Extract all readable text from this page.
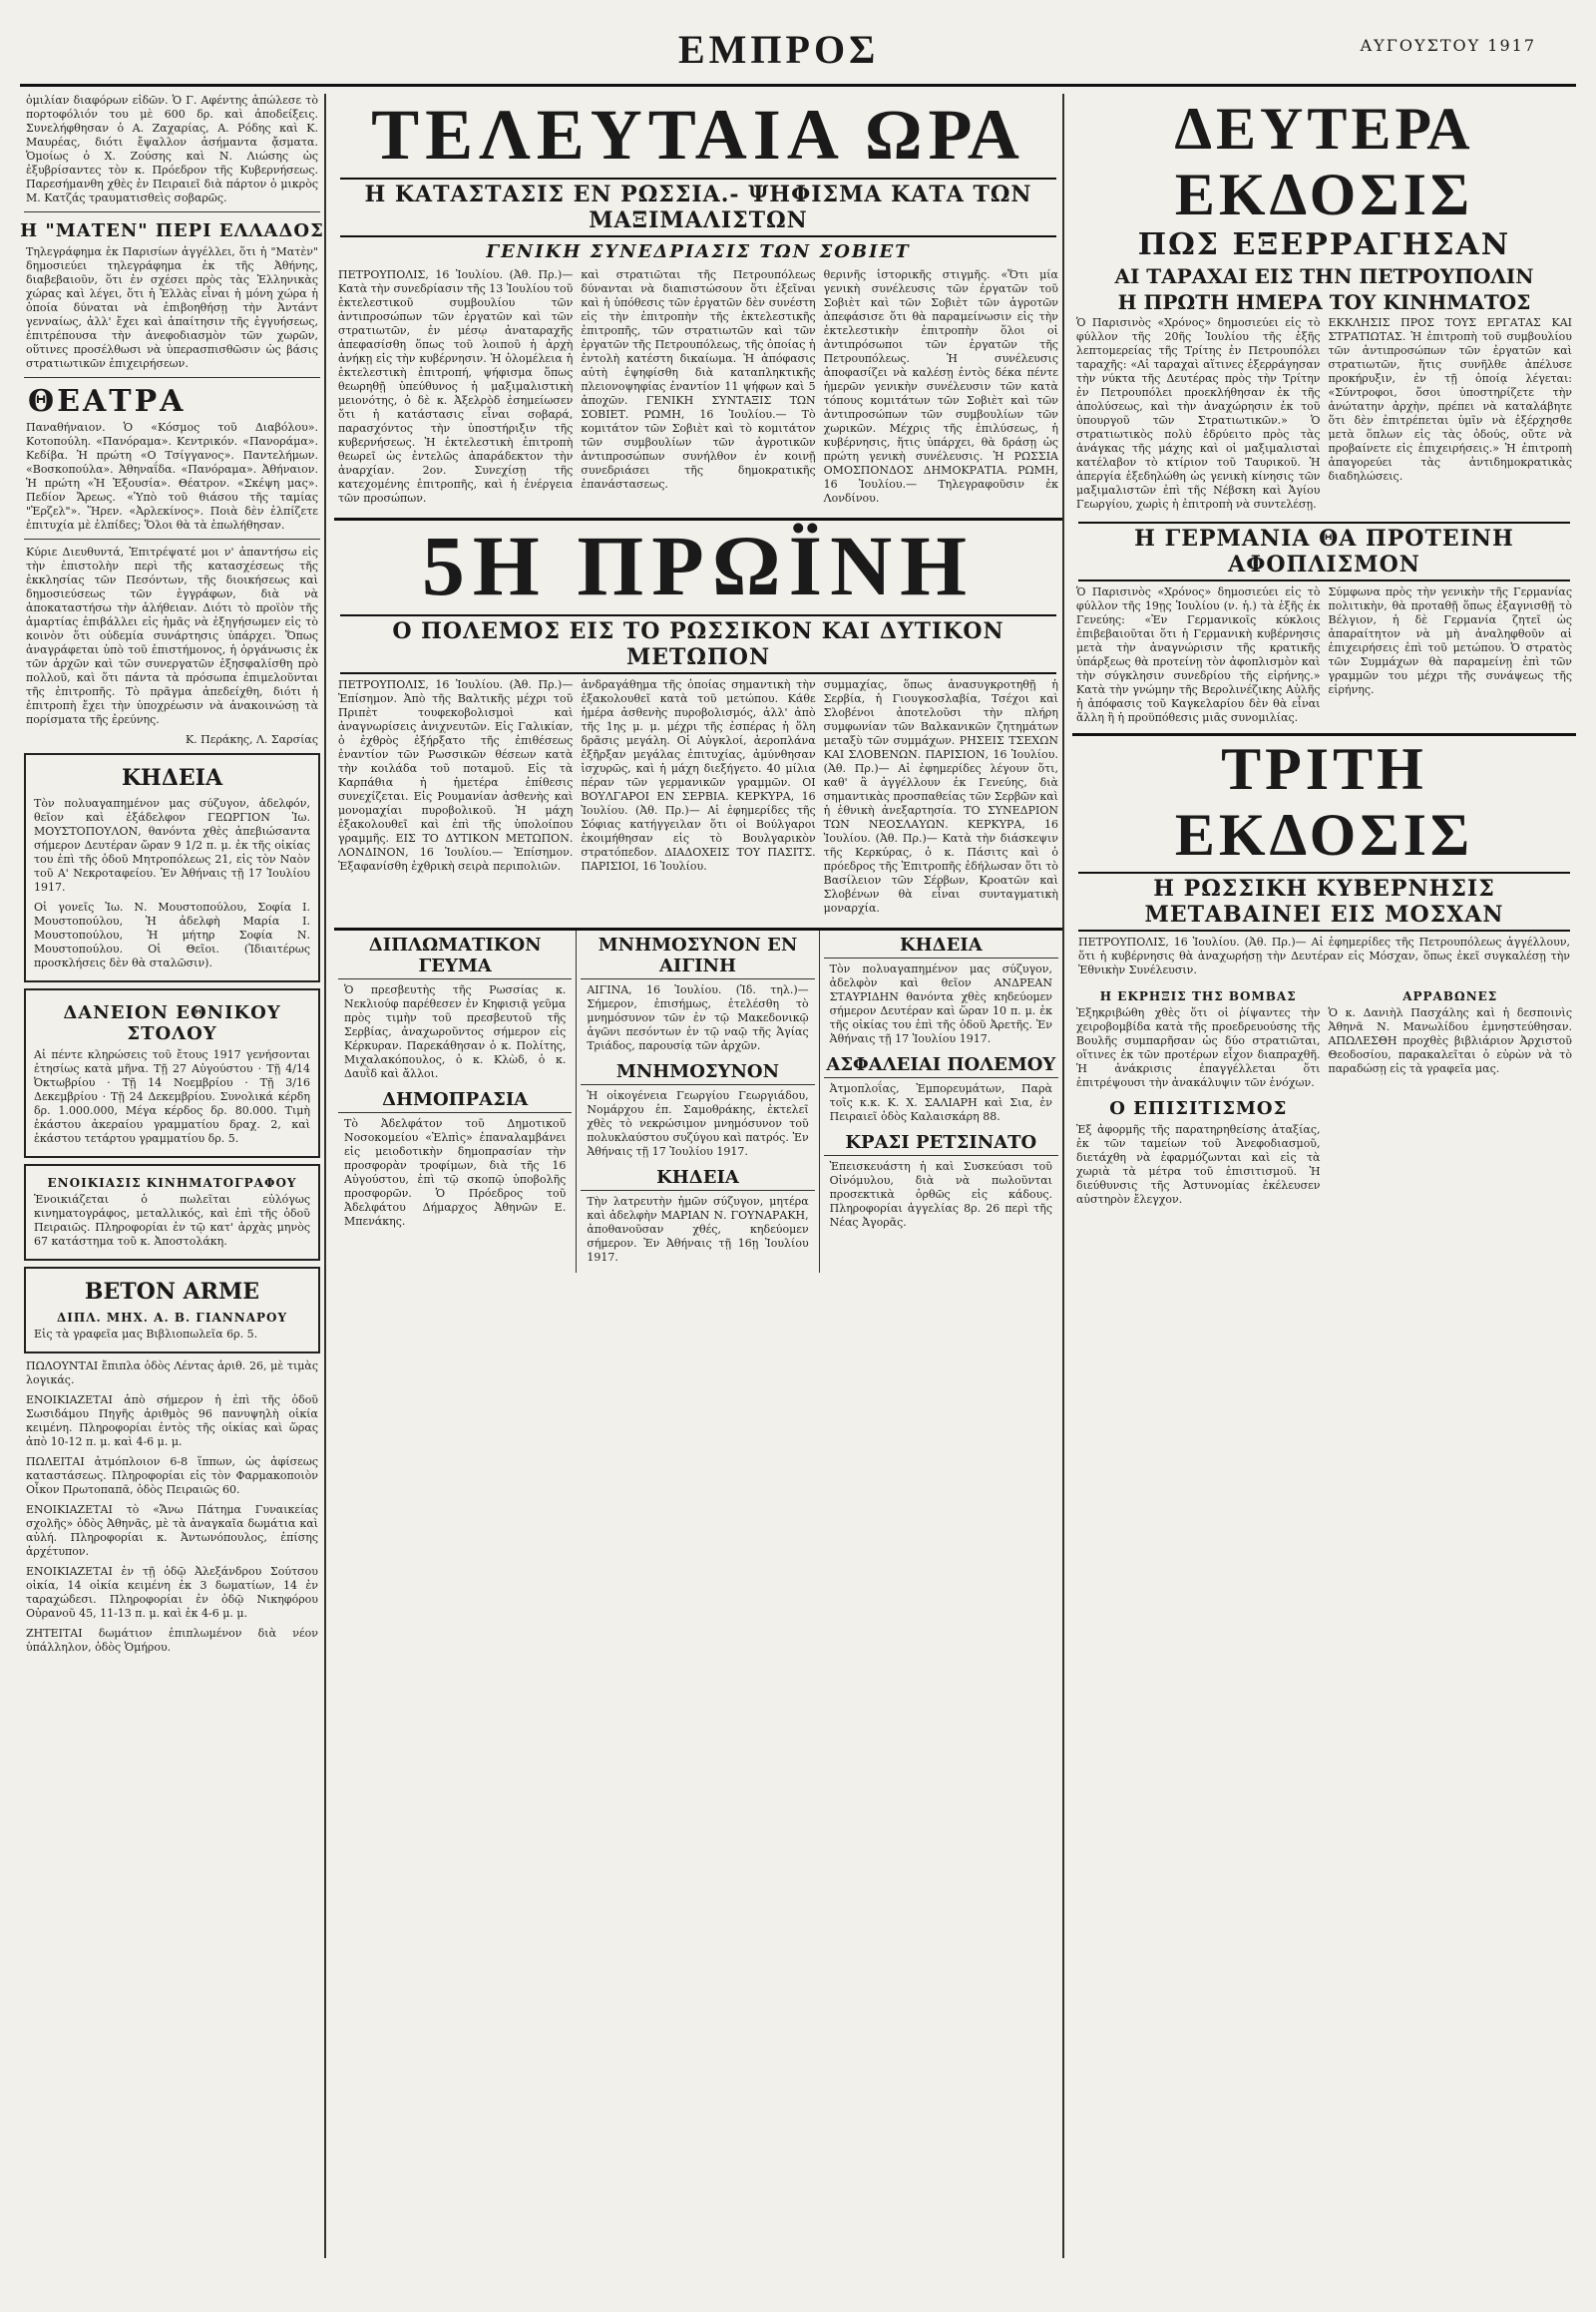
ΕΜΠΡΟΣ	ΑΥΓΟΥΣΤΟΥ 1917
ὁμιλίαν διαφόρων εἰδῶν. Ὁ Γ. Αφέντης ἀπώλεσε τὸ πορτοφόλιόν του μὲ 600 δρ. καὶ ἀποδείξεις. Συνελήφθησαν ὁ Α. Ζαχαρίας, Α. Ρόδης καὶ Κ. Μαυρέας, διότι ἔψαλλον ἀσήμαντα ᾄσματα. Ὁμοίως ὁ Χ. Ζούσης καὶ Ν. Λιώσης ὡς ἐξυβρίσαντες τὸν κ. Πρόεδρον τῆς Κυβερνήσεως. Παρεσήμανθη χθὲς ἐν Πειραιεῖ διὰ πάρτον ὁ μικρὸς Μ. Κατζάς τραυματισθεὶς σοβαρῶς.
Η "ΜΑΤΕΝ" ΠΕΡΙ ΕΛΛΑΔΟΣ
Τηλεγράφημα ἐκ Παρισίων ἀγγέλλει, ὅτι ἡ "Ματὲν" δημοσιεύει τηλεγράφημα ἐκ τῆς Ἀθήνης, διαβεβαιοῦν, ὅτι ἐν σχέσει πρὸς τὰς Ἑλληνικὰς χώρας καὶ λέγει, ὅτι ἡ Ἑλλὰς εἶναι ἡ μόνη χώρα ἡ ὁποία δύναται νὰ ἐπιβοηθήσῃ τὴν Ἀντάντ γενναίως, ἀλλ' ἔχει καὶ ἀπαίτησιν τῆς ἐγγυήσεως, ἐπιτρέπουσα τὴν ἀνεφοδιασμὸν τῶν χωρῶν, οὕτινες προσέλθωσι νὰ ὑπερασπισθῶσιν ὡς βάσις στρατιωτικῶν ἐπιχειρήσεων.
ΘΕΑΤΡΑ
Παναθήναιον. Ὁ «Κόσμος τοῦ Διαβόλου». Κοτοπούλη. «Πανόραμα». Κεντρικόν. «Πανοράμα». Κεδίβα. Ἡ πρώτη «Ο Τσίγγανος». Παντελήμων. «Βοσκοπούλα». Ἀθηναΐδα. «Πανόραμα». Ἀθήναιον. Ἡ πρώτη «Ἡ Ἑξουσία». Θέατρον. «Σκέψη μας». Πεδίον Ἄρεως. «Ὑπὸ τοῦ θιάσου τῆς ταμίας "Ἐρζελ"». Ἥρεν. «Ἀρλεκίνος». Ποιὰ δὲν ἐλπίζετε ἐπιτυχία μὲ ἐλπίδες; Ὅλοι θὰ τὰ ἐπωλήθησαν.
Κύριε Διευθυντά, Ἐπιτρέψατέ μοι ν' ἀπαντήσω εἰς τὴν ἐπιστολὴν περὶ τῆς κατασχέσεως τῆς ἐκκλησίας τῶν Πεσόντων, τῆς διοικήσεως καὶ δημοσιεύσεως τῶν ἐγγράφων, διὰ νὰ ἀποκαταστήσω τὴν ἀλήθειαν. Διότι τὸ προϊὸν τῆς ἀμαρτίας ἐπιβάλλει εἰς ἡμᾶς νὰ ἐξηγήσωμεν εἰς τὸ κοινὸν ὅτι οὐδεμία συνάρτησις ὑπάρχει. Ὅπως ἀναγράφεται ὑπὸ τοῦ ἐπιστήμονος, ἡ ὀργάνωσις ἐκ τῶν ἀρχῶν καὶ τῶν συνεργατῶν ἐξησφαλίσθη πρὸ πολλοῦ, καὶ ὅτι πάντα τὰ πρόσωπα ἐπιμελοῦνται τῆς ἐπιτροπῆς. Τὸ πρᾶγμα ἀπεδείχθη, διότι ἡ ἐπιτροπὴ ἔχει τὴν ὑποχρέωσιν νὰ ἀνακοινώσῃ τὰ πορίσματα τῆς ἐρεύνης.
Κ. Περάκης, Λ. Σαρσίας
ΚΗΔΕΙΑ
Τὸν πολυαγαπημένον μας σύζυγον, ἀδελφόν, θεῖον καὶ ἐξάδελφον ΓΕΩΡΓΙΟΝ Ἰω. ΜΟΥΣΤΟΠΟΥΛΟΝ, θανόντα χθὲς ἀπεβιώσαντα σήμερον Δευτέραν ὥραν 9 1/2 π. μ. ἐκ τῆς οἰκίας του ἐπὶ τῆς ὁδοῦ Μητροπόλεως 21, εἰς τὸν Ναὸν τοῦ Α' Νεκροταφείου. Ἐν Ἀθήναις τῇ 17 Ἰουλίου 1917.
Οἱ γονεῖς Ἰω. Ν. Μουστοπούλου, Σοφία Ι. Μουστοπούλου, Ἡ ἀδελφὴ Μαρία Ι. Μουστοπούλου, Ἡ μήτηρ Σοφία Ν. Μουστοπούλου. Οἱ Θεῖοι. (Ἰδιαιτέρως προσκλήσεις δὲν θὰ σταλῶσιν).
ΔΑΝΕΙΟΝ ΕΘΝΙΚΟΥ ΣΤΟΛΟΥ
Αἱ πέντε κληρώσεις τοῦ ἔτους 1917 γενήσονται ἐτησίως κατὰ μῆνα. Τῇ 27 Αὐγούστου · Τῇ 4/14 Ὀκτωβρίου · Τῇ 14 Νοεμβρίου · Τῇ 3/16 Δεκεμβρίου · Τῇ 24 Δεκεμβρίου. Συνολικά κέρδη δρ. 1.000.000, Μέγα κέρδος δρ. 80.000. Τιμὴ ἑκάστου ἀκεραίου γραμματίου δραχ. 2, καὶ ἑκάστου τετάρτου γραμματίου δρ. 5.
ΕΝΟΙΚΙΑΣΙΣ ΚΙΝΗΜΑΤΟΓΡΑΦΟΥ
Ἐνοικιάζεται ὁ πωλεῖται εὐλόγως κινηματογράφος, μεταλλικός, καὶ ἐπὶ τῆς ὁδοῦ Πειραιῶς. Πληροφορίαι ἐν τῷ κατ' ἀρχὰς μηνὸς 67 κατάστημα τοῦ κ. Ἀποστολάκη.
ΒΕΤΟΝ ARME
ΔΙΠΛ. ΜΗΧ. Α. Β. ΓΙΑΝΝΑΡΟΥ
Εἰς τὰ γραφεῖα μας Βιβλιοπωλεῖα 6ρ. 5.
ΠΩΛΟΥΝΤΑΙ ἔπιπλα ὁδὸς Λέντας ἀριθ. 26, μὲ τιμὰς λογικάς.
ΕΝΟΙΚΙΑΖΕΤΑΙ ἀπὸ σήμερον ἡ ἐπὶ τῆς ὁδοῦ Σωσιδάμου Πηγῆς ἀριθμὸς 96 πανυψηλὴ οἰκία κειμένη. Πληροφορίαι ἐντὸς τῆς οἰκίας καὶ ὥρας ἀπὸ 10-12 π. μ. καὶ 4-6 μ. μ.
ΠΩΛΕΙΤΑΙ ἀτμόπλοιον 6-8 ἵππων, ὡς ἀφίσεως καταστάσεως. Πληροφορίαι εἰς τὸν Φαρμακοποιὸν Οἶκον Πρωτοπαπᾶ, ὁδὸς Πειραιῶς 60.
ΕΝΟΙΚΙΑΖΕΤΑΙ τὸ «Ἄνω Πάτημα Γυναικείας σχολῆς» ὁδὸς Ἀθηνᾶς, μὲ τὰ ἀναγκαῖα δωμάτια καὶ αὐλή. Πληροφορίαι κ. Ἀντωνόπουλος, ἐπίσης ἀρχέτυπον.
ΕΝΟΙΚΙΑΖΕΤΑΙ ἐν τῇ ὁδῷ Ἀλεξάνδρου Σούτσου οἰκία, 14 οἰκία κειμένη ἐκ 3 δωματίων, 14 ἐν ταραχώδεσι. Πληροφορίαι ἐν ὁδῷ Νικηφόρου Οὐρανοῦ 45, 11-13 π. μ. καὶ ἐκ 4-6 μ. μ.
ΖΗΤΕΙΤΑΙ δωμάτιον ἐπιπλωμένον διὰ νέον ὑπάλληλον, ὁδὸς Ὁμήρου.
ΤΕΛΕΥΤΑΙΑ ΩΡΑ
Η ΚΑΤΑΣΤΑΣΙΣ ΕΝ ΡΩΣΣΙΑ.- ΨΗΦΙΣΜΑ ΚΑΤΑ ΤΩΝ ΜΑΞΙΜΑΛΙΣΤΩΝ
ΓΕΝΙΚΗ ΣΥΝΕΔΡΙΑΣΙΣ ΤΩΝ ΣΟΒΙΕΤ
ΠΕΤΡΟΥΠΟΛΙΣ, 16 Ἰουλίου. (Ἀθ. Πρ.)— Κατὰ τὴν συνεδρίασιν τῆς 13 Ἰουλίου τοῦ ἐκτελεστικοῦ συμβουλίου τῶν ἀντιπροσώπων τῶν ἐργατῶν καὶ τῶν στρατιωτῶν, ἐν μέσῳ ἀναταραχῆς ἀπεφασίσθη ὅπως τοῦ λοιποῦ ἡ ἀρχὴ ἀνήκῃ εἰς τὴν κυβέρνησιν. Ἡ ὁλομέλεια ἡ ἐκτελεστικὴ ἐπιτροπή, ψήφισμα ὅπως θεωρηθῇ ὑπεύθυνος ἡ μαξιμαλιστικὴ μειονότης, ὁ δὲ κ. Ἀξελρὸδ ἐσημείωσεν ὅτι ἡ κατάστασις εἶναι σοβαρά, παρασχόντος τὴν ὑποστήριξιν τῆς κυβερνήσεως. Ἡ ἐκτελεστικὴ ἐπιτροπὴ θεωρεῖ ὡς ἐντελῶς ἀπαράδεκτον τὴν ἀναρχίαν. 2ον. Συνεχίσῃ τῆς κατεχομένης ἐπιτροπῆς, καὶ ἡ ἐνέργεια τῶν προσώπων.
καὶ στρατιῶται τῆς Πετρουπόλεως δύνανται νὰ διαπιστώσουν ὅτι ἐξεῖναι καὶ ἡ ὑπόθεσις τῶν ἐργατῶν δὲν συνέστη εἰς τὴν ἐπιτροπὴν τῆς ἐκτελεστικῆς ἐπιτροπῆς, τῶν στρατιωτῶν καὶ τῶν ἐργατῶν τῆς Πετρουπόλεως, τῆς ὁποίας ἡ ἐντολὴ κατέστη δικαίωμα. Ἡ ἀπόφασις αὐτὴ ἐψηφίσθη διὰ καταπληκτικῆς πλειονοψηφίας ἐναντίον 11 ψήφων καὶ 5 ἀποχῶν. ΓΕΝΙΚΗ ΣΥΝΤΑΞΙΣ ΤΩΝ ΣΟΒΙΕΤ. ΡΩΜΗ, 16 Ἰουλίου.— Τὸ κομιτάτον τῶν Σοβιὲτ καὶ τὸ κομιτάτον τῶν συμβουλίων τῶν ἀγροτικῶν ἀντιπροσώπων συνήλθον ἐν κοινῇ συνεδριάσει τῆς δημοκρατικῆς ἐπανάστασεως.
θερινῆς ἱστορικῆς στιγμῆς. «Ὅτι μία γενικὴ συνέλευσις τῶν ἐργατῶν τοῦ Σοβιὲτ καὶ τῶν Σοβιὲτ τῶν ἀγροτῶν ἀπεφάσισε ὅτι θὰ παραμείνωσιν εἰς τὴν ἐκτελεστικὴν ἐπιτροπὴν ὅλοι οἱ ἀντιπρόσωποι τῶν ἐργατῶν τῆς Πετρουπόλεως. Ἡ συνέλευσις ἀποφασίζει νὰ καλέσῃ ἐντὸς δέκα πέντε ἡμερῶν γενικὴν συνέλευσιν τῶν κατὰ τόπους κομιτάτων τῶν Σοβιὲτ καὶ τῶν ἀντιπροσώπων τῶν συμβουλίων τῶν χωρικῶν. Μέχρις τῆς ἐπιλύσεως, ἡ κυβέρνησις, ἥτις ὑπάρχει, θὰ δράσῃ ὡς πρώτη γενικὴ συνέλευσις. Ἡ ΡΩΣΣΙΑ ΟΜΟΣΠΟΝΔΟΣ ΔΗΜΟΚΡΑΤΙΑ. ΡΩΜΗ, 16 Ἰουλίου.— Τηλεγραφοῦσιν ἐκ Λονδίνου.
5Η ΠΡΩΪΝΗ
Ο ΠΟΛΕΜΟΣ ΕΙΣ ΤΟ ΡΩΣΣΙΚΟΝ ΚΑΙ ΔΥΤΙΚΟΝ ΜΕΤΩΠΟΝ
ΠΕΤΡΟΥΠΟΛΙΣ, 16 Ἰουλίου. (Ἀθ. Πρ.)— Ἐπίσημον. Ἀπὸ τῆς Βαλτικῆς μέχρι τοῦ Πριπὲτ τουφεκοβολισμοὶ καὶ ἀναγνωρίσεις ἀνιχνευτῶν. Εἰς Γαλικίαν, ὁ ἐχθρὸς ἐξήρξατο τῆς ἐπιθέσεως ἐναντίον τῶν Ρωσσικῶν θέσεων κατὰ τὴν κοιλάδα τοῦ ποταμοῦ. Εἰς τὰ Καρπάθια ἡ ἡμετέρα ἐπίθεσις συνεχίζεται. Εἰς Ρουμανίαν ἀσθενὴς καὶ μονομαχίαι πυροβολικοῦ. Ἡ μάχη ἐξακολουθεῖ καὶ ἐπὶ τῆς ὑπολοίπου γραμμῆς. ΕΙΣ ΤΟ ΔΥΤΙΚΟΝ ΜΕΤΩΠΟΝ. ΛΟΝΔΙΝΟΝ, 16 Ἰουλίου.— Ἐπίσημον. Ἐξαφανίσθη ἐχθρικὴ σειρὰ περιπολιῶν.
ἀνδραγάθημα τῆς ὁποίας σημαντικὴ τὴν ἐξακολουθεῖ κατὰ τοῦ μετώπου. Κάθε ἡμέρα ἀσθενὴς πυροβολισμός, ἀλλ' ἀπὸ τῆς 1ης μ. μ. μέχρι τῆς ἐσπέρας ἡ ὅλη δρᾶσις μεγάλη. Οἱ Αὐγκλοί, ἀεροπλάνα ἐξῆρξαν μεγάλας ἐπιτυχίας, ἀμύνθησαν ἰσχυρῶς, καὶ ἡ μάχη διεξήγετο. 40 μίλια πέραν τῶν γερμανικῶν γραμμῶν. ΟΙ ΒΟΥΛΓΑΡΟΙ ΕΝ ΣΕΡΒΙΑ. ΚΕΡΚΥΡΑ, 16 Ἰουλίου. (Ἀθ. Πρ.)— Αἱ ἐφημερίδες τῆς Σόφιας κατήγγειλαν ὅτι οἱ Βούλγαροι ἐκοιμήθησαν εἰς τὸ Βουλγαρικὸν στρατόπεδον. ΔΙΑΔΟΧΕΙΣ ΤΟΥ ΠΑΣΙΤΣ. ΠΑΡΙΣΙΟΙ, 16 Ἰουλίου.
συμμαχίας, ὅπως ἀνασυγκροτηθῇ ἡ Σερβία, ἡ Γιουγκοσλαβία, Τσέχοι καὶ Σλοβένοι ἀποτελοῦσι τὴν πλήρη συμφωνίαν τῶν Βαλκανικῶν ζητημάτων μεταξὺ τῶν συμμάχων. ΡΗΣΕΙΣ ΤΣΕΧΩΝ ΚΑΙ ΣΛΟΒΕΝΩΝ. ΠΑΡΙΣΙΟΝ, 16 Ἰουλίου. (Ἀθ. Πρ.)— Αἱ ἐφημερίδες λέγουν ὅτι, καθ' ἃ ἀγγέλλουν ἐκ Γενεύης, διὰ σημαντικὰς προσπαθείας τῶν Σερβῶν καὶ ἡ ἐθνικὴ ἀνεξαρτησία. ΤΟ ΣΥΝΕΔΡΙΟΝ ΤΩΝ ΝΕΟΣΛΑΥΩΝ. ΚΕΡΚΥΡΑ, 16 Ἰουλίου. (Ἀθ. Πρ.)— Κατὰ τὴν διάσκεψιν τῆς Κερκύρας, ὁ κ. Πάσιτς καὶ ὁ πρόεδρος τῆς Ἐπιτροπῆς ἐδήλωσαν ὅτι τὸ Βασίλειον τῶν Σέρβων, Κροατῶν καὶ Σλοβένων θὰ εἶναι συνταγματικὴ μοναρχία.
ΔΙΠΛΩΜΑΤΙΚΟΝ ΓΕΥΜΑ
Ὁ πρεσβευτὴς τῆς Ρωσσίας κ. Νεκλιούφ παρέθεσεν ἐν Κηφισιᾷ γεῦμα πρὸς τιμὴν τοῦ πρεσβευτοῦ τῆς Σερβίας, ἀναχωροῦντος σήμερον εἰς Κέρκυραν. Παρεκάθησαν ὁ κ. Πολίτης, Μιχαλακόπουλος, ὁ κ. Κλὼδ, ὁ κ. Δαυῒδ καὶ ἄλλοι.
ΔΗΜΟΠΡΑΣΙΑ
Τὸ Ἀδελφάτον τοῦ Δημοτικοῦ Νοσοκομείου «Ἐλπὶς» ἐπαναλαμβάνει εἰς μειοδοτικὴν δημοπρασίαν τὴν προσφορὰν τροφίμων, διὰ τῆς 16 Αὐγούστου, ἐπὶ τῷ σκοπῷ ὑποβολῆς προσφορῶν. Ὁ Πρόεδρος τοῦ Ἀδελφάτου Δήμαρχος Ἀθηνῶν Ε. Μπενάκης.
ΜΝΗΜΟΣΥΝΟΝ ΕΝ ΑΙΓΙΝΗ
ΑΙΓΙΝΑ, 16 Ἰουλίου. (Ἰδ. τηλ.)— Σήμερον, ἐπισήμως, ἐτελέσθη τὸ μνημόσυνον τῶν ἐν τῷ Μακεδονικῷ ἀγῶνι πεσόντων ἐν τῷ ναῷ τῆς Ἁγίας Τριάδος, παρουσίᾳ τῶν ἀρχῶν.
ΜΝΗΜΟΣΥΝΟΝ
Ἡ οἰκογένεια Γεωργίου Γεωργιάδου, Νομάρχου ἐπ. Σαμοθράκης, ἐκτελεῖ χθὲς τὸ νεκρώσιμον μνημόσυνον τοῦ πολυκλαύστου συζύγου καὶ πατρός. Ἐν Ἀθήναις τῇ 17 Ἰουλίου 1917.
ΚΗΔΕΙΑ
Τὴν λατρευτὴν ἡμῶν σύζυγον, μητέρα καὶ ἀδελφὴν ΜΑΡΙΑΝ Ν. ΓΟΥΝΑΡΑΚΗ, ἀποθανοῦσαν χθές, κηδεύομεν σήμερον. Ἐν Ἀθήναις τῇ 16ῃ Ἰουλίου 1917.
ΚΗΔΕΙΑ
Τὸν πολυαγαπημένον μας σύζυγον, ἀδελφὸν καὶ θεῖον ΑΝΔΡΕΑΝ ΣΤΑΥΡΙΔΗΝ θανόντα χθὲς κηδεύομεν σήμερον Δευτέραν καὶ ὥραν 10 π. μ. ἐκ τῆς οἰκίας του ἐπὶ τῆς ὁδοῦ Ἀρετῆς. Ἐν Ἀθήναις τῇ 17 Ἰουλίου 1917.
ΑΣΦΑΛΕΙΑΙ ΠΟΛΕΜΟΥ
Ἀτμοπλοΐας, Ἐμπορευμάτων, Παρὰ τοῖς κ.κ. Κ. Χ. ΣΑΛΙΑΡΗ καὶ Σια, ἐν Πειραιεῖ ὁδὸς Καλαισκάρη 88.
ΚΡΑΣΙ ΡΕΤΣΙΝΑΤΟ
Ἐπεισκευάστη ἡ καὶ Συσκεύασι τοῦ Οἰνόμυλου, διὰ νὰ πωλοῦνται προσεκτικὰ ὁρθῶς εἰς κάδους. Πληροφορίαι ἀγγελίας 8ρ. 26 περὶ τῆς Νέας Ἀγορᾶς.
ΔΕΥΤΕΡΑ ΕΚΔΟΣΙΣ
ΠΩΣ ΕΞΕΡΡΑΓΗΣΑΝ
ΑΙ ΤΑΡΑΧΑΙ ΕΙΣ ΤΗΝ ΠΕΤΡΟΥΠΟΛΙΝ
Η ΠΡΩΤΗ ΗΜΕΡΑ ΤΟΥ ΚΙΝΗΜΑΤΟΣ
Ὁ Παρισινὸς «Χρόνος» δημοσιεύει εἰς τὸ φύλλον τῆς 20ῆς Ἰουλίου τῆς ἑξῆς λεπτομερείας τῆς Τρίτης ἐν Πετρουπόλει ταραχῆς: «Αἱ ταραχαὶ αἵτινες ἐξερράγησαν τὴν νύκτα τῆς Δευτέρας πρὸς τὴν Τρίτην ἐν Πετρουπόλει προεκλήθησαν ἐκ τῆς ἀπολύσεως, καὶ τὴν ἀναχώρησιν ἐκ τοῦ ὑπουργοῦ τῶν Στρατιωτικῶν.» Ὁ στρατιωτικὸς πολὺ ἐδρύειτο πρὸς τὰς ἀνάγκας τῆς μάχης καὶ οἱ μαξιμαλισταὶ κατέλαβον τὸ κτίριον τοῦ Ταυρικοῦ. Ἡ ἀπεργία ἐξεδηλώθη ὡς γενικὴ κίνησις τῶν μαξιμαλιστῶν ἐπὶ τῆς Νέβσκη καὶ Ἀγίου Γεωργίου, χωρὶς ἡ ἐπιτροπὴ νὰ συντελέσῃ.
ΕΚΚΛΗΣΙΣ ΠΡΟΣ ΤΟΥΣ ΕΡΓΑΤΑΣ ΚΑΙ ΣΤΡΑΤΙΩΤΑΣ. Ἡ ἐπιτροπὴ τοῦ συμβουλίου τῶν ἀντιπροσώπων τῶν ἐργατῶν καὶ στρατιωτῶν, ἥτις συνῆλθε ἀπέλυσε προκήρυξιν, ἐν τῇ ὁποίᾳ λέγεται: «Σύντροφοι, ὅσοι ὑποστηρίζετε τὴν ἀνώτατην ἀρχὴν, πρέπει νὰ καταλάβητε ὅτι δὲν ἐπιτρέπεται ὑμῖν νὰ ἐξέρχησθε μετὰ ὅπλων εἰς τὰς ὁδούς, οὔτε νὰ προβαίνετε εἰς ἐπιχειρήσεις.» Ἡ ἐπιτροπὴ ἀπαγορεύει τὰς ἀντιδημοκρατικὰς διαδηλώσεις.
Η ΓΕΡΜΑΝΙΑ ΘΑ ΠΡΟΤΕΙΝΗ ΑΦΟΠΛΙΣΜΟΝ
Ὁ Παρισινὸς «Χρόνος» δημοσιεύει εἰς τὸ φύλλον τῆς 19ῃς Ἰουλίου (ν. ἡ.) τὰ ἑξῆς ἐκ Γενεύης: «Ἐν Γερμανικοῖς κύκλοις ἐπιβεβαιοῦται ὅτι ἡ Γερμανικὴ κυβέρνησις μετὰ τὴν ἀναγνώρισιν τῆς κρατικῆς ὑπάρξεως θὰ προτείνῃ τὸν ἀφοπλισμὸν καὶ τὴν σύγκλησιν συνεδρίου τῆς εἰρήνης.» Κατὰ τὴν γνώμην τῆς Βερολινέζικης Αὐλῆς ἡ ἀπόφασις τοῦ Καγκελαρίου δὲν θὰ εἶναι ἄλλη ἢ ἡ προϋπόθεσις μιᾶς συνομιλίας.
Σύμφωνα πρὸς τὴν γενικὴν τῆς Γερμανίας πολιτικὴν, θὰ προταθῇ ὅπως ἐξαγνισθῇ τὸ Βέλγιον, ἡ δὲ Γερμανία ζητεῖ ὡς ἀπαραίτητον νὰ μὴ ἀναληφθοῦν αἱ ἐπιχειρήσεις ἐπὶ τοῦ μετώπου. Ὁ στρατὸς τῶν Συμμάχων θὰ παραμείνῃ ἐπὶ τῶν γραμμῶν του μέχρι τῆς συνάψεως τῆς εἰρήνης.
ΤΡΙΤΗ ΕΚΔΟΣΙΣ
Η ΡΩΣΣΙΚΗ ΚΥΒΕΡΝΗΣΙΣ ΜΕΤΑΒΑΙΝΕΙ ΕΙΣ ΜΟΣΧΑΝ
ΠΕΤΡΟΥΠΟΛΙΣ, 16 Ἰουλίου. (Ἀθ. Πρ.)— Αἱ ἐφημερίδες τῆς Πετρουπόλεως ἀγγέλλουν, ὅτι ἡ κυβέρνησις θὰ ἀναχωρήσῃ τὴν Δευτέραν εἰς Μόσχαν, ὅπως ἐκεῖ συγκαλέσῃ τὴν Ἐθνικὴν Συνέλευσιν.
Η ΕΚΡΗΞΙΣ ΤΗΣ ΒΟΜΒΑΣ
Ἐξηκριβώθη χθὲς ὅτι οἱ ῥίψαντες τὴν χειροβομβίδα κατὰ τῆς προεδρευούσης τῆς Βουλῆς συμπαρῆσαν ὡς δύο στρατιῶται, οἵτινες ἐκ τῶν προτέρων εἶχον διαπραχθῆ. Ἡ ἀνάκρισις ἐπαγγέλλεται ὅτι ἐπιτρέψουσι τὴν ἀνακάλυψιν τῶν ἐνόχων.
Ο ΕΠΙΣΙΤΙΣΜΟΣ
Ἐξ ἀφορμῆς τῆς παρατηρηθείσης ἀταξίας, ἐκ τῶν ταμείων τοῦ Ἀνεφοδιασμοῦ, διετάχθη νὰ ἐφαρμόζωνται καὶ εἰς τὰ χωριὰ τὰ μέτρα τοῦ ἐπισιτισμοῦ. Ἡ διεύθυνσις τῆς Ἀστυνομίας ἐκέλευσεν αὐστηρὸν ἔλεγχον.
ΑΡΡΑΒΩΝΕΣ
Ὁ κ. Δανιὴλ Πασχάλης καὶ ἡ δεσποινὶς Ἀθηνᾶ Ν. Μανωλίδου ἐμνηστεύθησαν. ΑΠΩΛΕΣΘΗ προχθὲς βιβλιάριον Ἀρχιστοῦ Θεοδοσίου, παρακαλεῖται ὁ εὑρὼν νὰ τὸ παραδώσῃ εἰς τὰ γραφεῖα μας.
